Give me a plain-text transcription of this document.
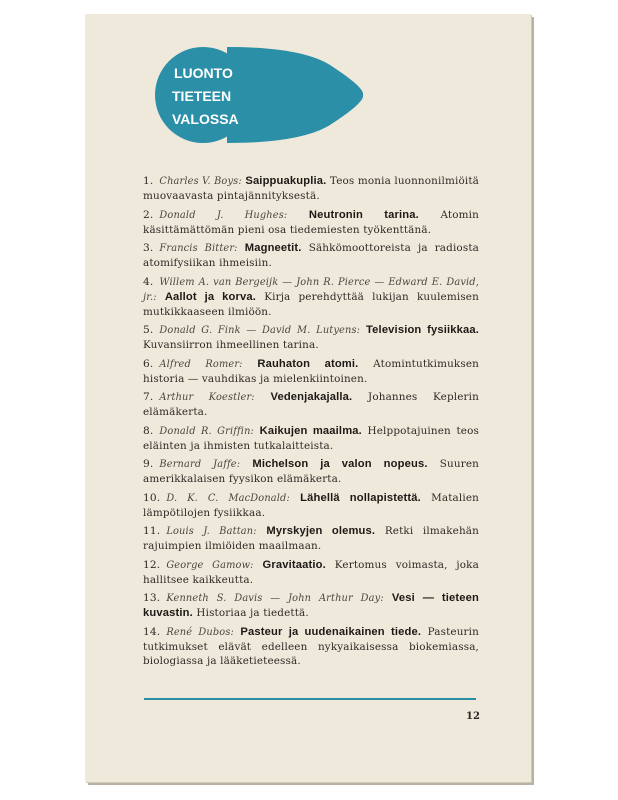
LUONTO
TIETEEN
VALOSSA

1. Charles V. Boys: Saippuakuplia. Teos monia luonnonilmiöitä muovaavasta pintajännityksestä.

2. Donald J. Hughes: Neutronin tarina. Atomin käsittämättömän pieni osa tiedemiesten työkenttänä.

3. Francis Bitter: Magneetit. Sähkömoottoreista ja radiosta atomifysiikan ihmeisiin.

4. Willem A. van Bergeijk — John R. Pierce — Edward E. David, jr.: Aallot ja korva. Kirja perehdyttää lukijan kuulemisen mutkikkaaseen ilmiöön.

5. Donald G. Fink — David M. Lutyens: Television fysiikkaa. Kuvansiirron ihmeellinen tarina.

6. Alfred Romer: Rauhaton atomi. Atomintutkimuksen historia — vauhdikas ja mielenkiintoinen.

7. Arthur Koestler: Vedenjakajalla. Johannes Keplerin elämäkerta.

8. Donald R. Griffin: Kaikujen maailma. Helppotajuinen teos eläinten ja ihmisten tutkalaitteista.

9. Bernard Jaffe: Michelson ja valon nopeus. Suuren amerikkalaisen fyysikon elämäkerta.

10. D. K. C. MacDonald: Lähellä nollapistettä. Matalien lämpötilojen fysiikkaa.

11. Louis J. Battan: Myrskyjen olemus. Retki ilmakehän rajuimpien ilmiöiden maailmaan.

12. George Gamow: Gravitaatio. Kertomus voimasta, joka hallitsee kaikkeutta.

13. Kenneth S. Davis — John Arthur Day: Vesi — tieteen kuvastin. Historiaa ja tiedettä.

14. René Dubos: Pasteur ja uudenaikainen tiede. Pasteurin tutkimukset elävät edelleen nykyaikaisessa biokemiassa, biologiassa ja lääketieteessä.

12
